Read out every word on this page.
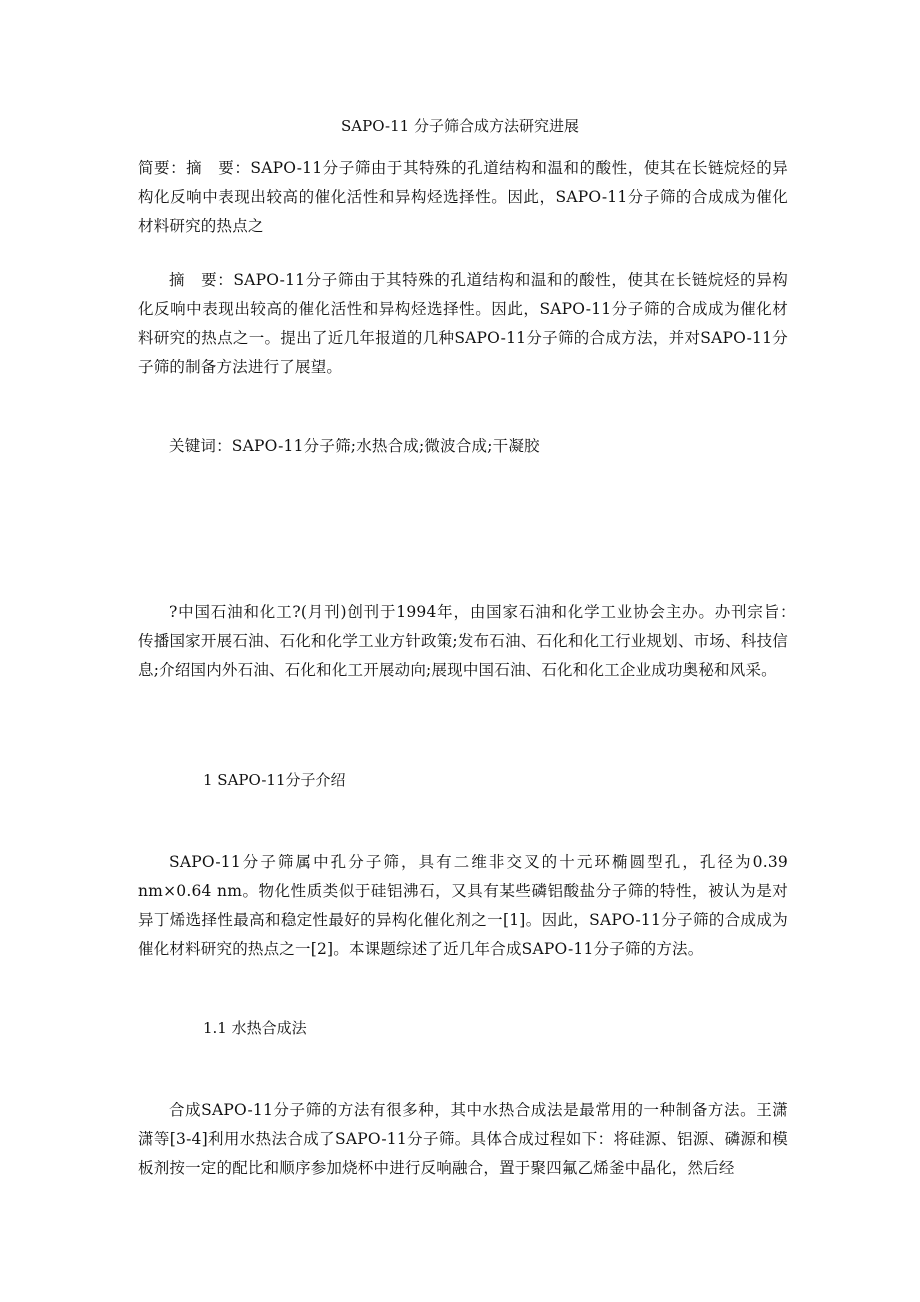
SAPO-11 分子筛合成方法研究进展

简要：摘　要：SAPO-11分子筛由于其特殊的孔道结构和温和的酸性，使其在长链烷烃的异构化反响中表现出较高的催化活性和异构烃选择性。因此，SAPO-11分子筛的合成成为催化材料研究的热点之

摘　要：SAPO-11分子筛由于其特殊的孔道结构和温和的酸性，使其在长链烷烃的异构化反响中表现出较高的催化活性和异构烃选择性。因此，SAPO-11分子筛的合成成为催化材料研究的热点之一。提出了近几年报道的几种SAPO-11分子筛的合成方法，并对SAPO-11分子筛的制备方法进行了展望。

关键词：SAPO-11分子筛;水热合成;微波合成;干凝胶

?中国石油和化工?(月刊)创刊于1994年，由国家石油和化学工业协会主办。办刊宗旨：　传播国家开展石油、石化和化学工业方针政策;发布石油、石化和化工行业规划、市场、科技信息;介绍国内外石油、石化和化工开展动向;展现中国石油、石化和化工企业成功奥秘和风采。

1 SAPO-11分子介绍

SAPO-11分子筛属中孔分子筛，具有二维非交叉的十元环椭圆型孔，孔径为0.39 nm×0.64 nm。物化性质类似于硅铝沸石，又具有某些磷铝酸盐分子筛的特性，被认为是对异丁烯选择性最高和稳定性最好的异构化催化剂之一[1]。因此，SAPO-11分子筛的合成成为催化材料研究的热点之一[2]。本课题综述了近几年合成SAPO-11分子筛的方法。

1.1 水热合成法

合成SAPO-11分子筛的方法有很多种，其中水热合成法是最常用的一种制备方法。王潇潇等[3-4]利用水热法合成了SAPO-11分子筛。具体合成过程如下：将硅源、铝源、磷源和模板剂按一定的配比和顺序参加烧杯中进行反响融合，置于聚四氟乙烯釜中晶化，然后经
